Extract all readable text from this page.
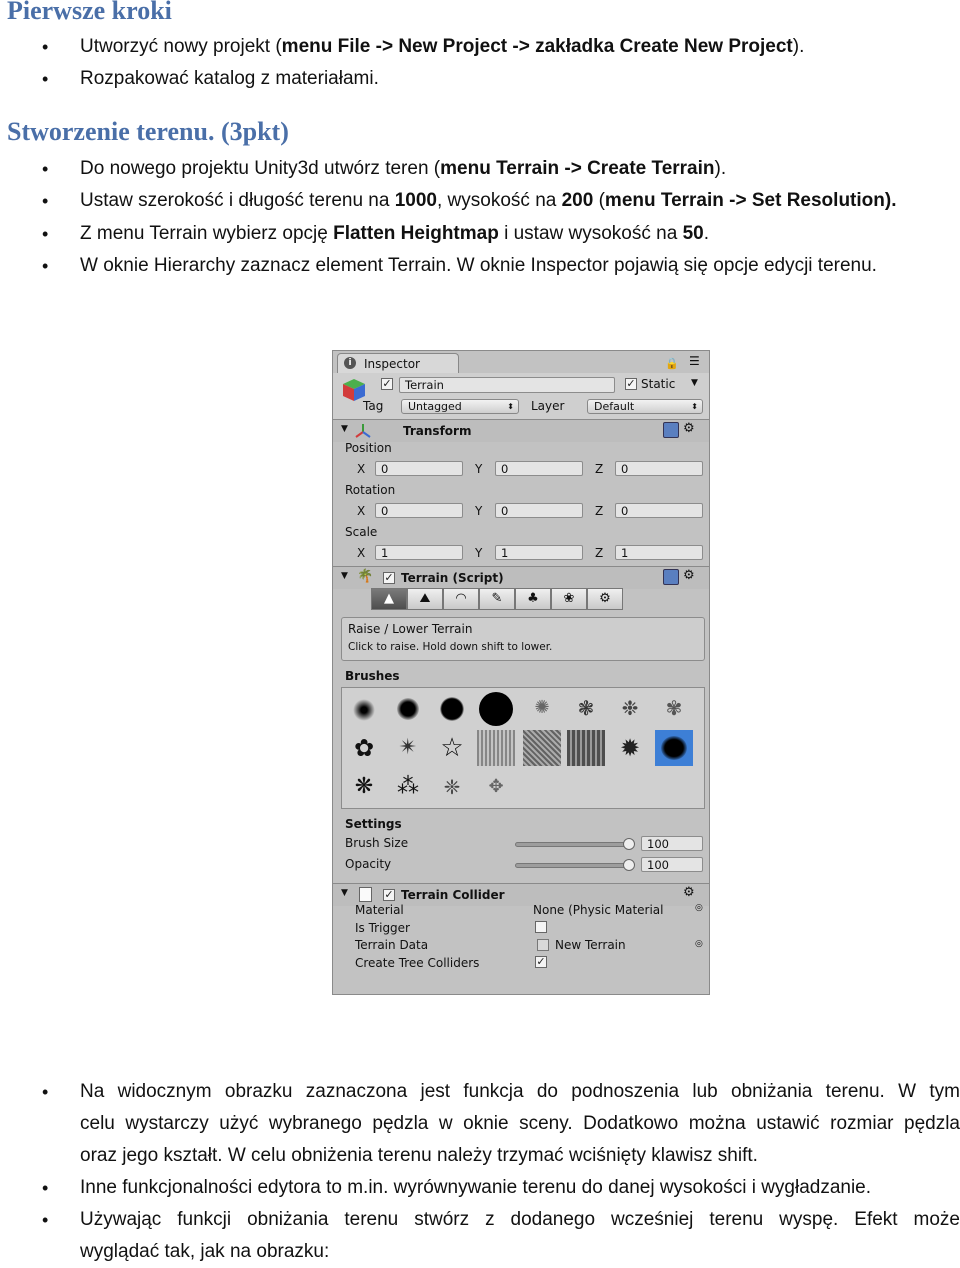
Pierwsze kroki
• Utworzyć nowy projekt (menu File -> New Project -> zakładka Create New Project).
• Rozpakować katalog z materiałami.
Stworzenie terenu. (3pkt)
• Do nowego projektu Unity3d utwórz teren (menu Terrain -> Create Terrain).
• Ustaw szerokość i długość terenu na 1000, wysokość na 200 (menu Terrain -> Set Resolution).
• Z menu Terrain wybierz opcję Flatten Heightmap i ustaw wysokość na 50.
• W oknie Hierarchy zaznacz element Terrain. W oknie Inspector pojawią się opcje edycji terenu.
i	Inspector	🔒 ☰
✓	Terrain	✓ Static ▼
Tag	Untagged	⬍ Layer	Default	⬍
▼	Transform	⚙
Position
X	0	Y	0	Z	0
Rotation
X	0	Y	0	Z	0
Scale
X	1	Y	1	Z	1
▼ 🌴 ✓ Terrain (Script)	⚙
▲	⛰	◠	✎	♣	❀	⚙
Raise / Lower Terrain
Click to raise. Hold down shift to lower.
Brushes
✺	❃	❉	✾
✿	✴ ☆	✹
❋	⁂	❈	✥
Settings
Brush Size	100
Opacity	100
▼	✓ Terrain Collider	⚙
Material	None (Physic Material	◎
Is Trigger
Terrain Data	New Terrain	◎
Create Tree Colliders	✓
• Na widocznym obrazku zaznaczona jest funkcja do podnoszenia lub obniżania terenu. W tym
celu wystarczy użyć wybranego pędzla w oknie sceny. Dodatkowo można ustawić rozmiar pędzla
oraz jego kształt. W celu obniżenia terenu należy trzymać wciśnięty klawisz shift.
• Inne funkcjonalności edytora to m.in. wyrównywanie terenu do danej wysokości i wygładzanie.
• Używając funkcji obniżania terenu stwórz z dodanego wcześniej terenu wyspę. Efekt może
wyglądać tak, jak na obrazku:
